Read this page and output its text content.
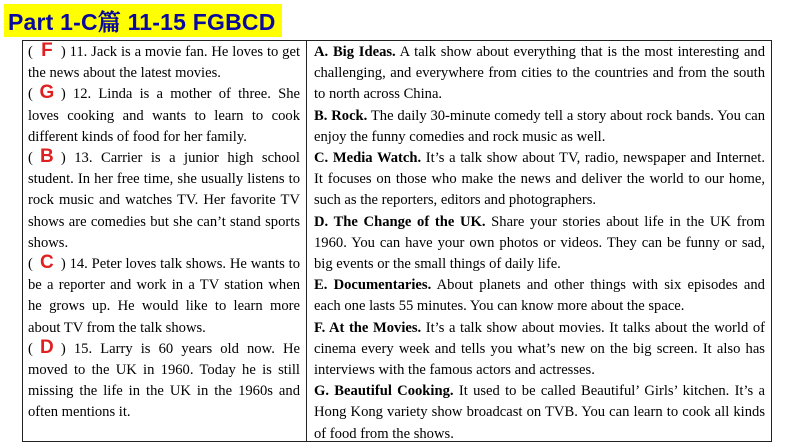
Part 1-C篇 11-15 FGBCD
( F ) 11. Jack is a movie fan. He loves to get the news about the latest movies.
( G ) 12. Linda is a mother of three. She loves cooking and wants to learn to cook different kinds of food for her family.
( B ) 13. Carrier is a junior high school student. In her free time, she usually listens to rock music and watches TV. Her favorite TV shows are comedies but she can’t stand sports shows.
( C ) 14. Peter loves talk shows. He wants to be a reporter and work in a TV station when he grows up. He would like to learn more about TV from the talk shows.
( D ) 15. Larry is 60 years old now. He moved to the UK in 1960. Today he is still missing the life in the UK in the 1960s and often mentions it.
A. Big Ideas. A talk show about everything that is the most interesting and challenging, and everywhere from cities to the countries and from the south to north across China.
B. Rock. The daily 30-minute comedy tell a story about rock bands. You can enjoy the funny comedies and rock music as well.
C. Media Watch. It’s a talk show about TV, radio, newspaper and Internet. It focuses on those who make the news and deliver the world to our home, such as the reporters, editors and photographers.
D. The Change of the UK. Share your stories about life in the UK from 1960. You can have your own photos or videos. They can be funny or sad, big events or the small things of daily life.
E. Documentaries. About planets and other things with six episodes and each one lasts 55 minutes. You can know more about the space.
F. At the Movies. It’s a talk show about movies. It talks about the world of cinema every week and tells you what’s new on the big screen. It also has interviews with the famous actors and actresses.
G. Beautiful Cooking. It used to be called Beautiful’ Girls’ kitchen. It’s a Hong Kong variety show broadcast on TVB. You can learn to cook all kinds of food from the shows.
